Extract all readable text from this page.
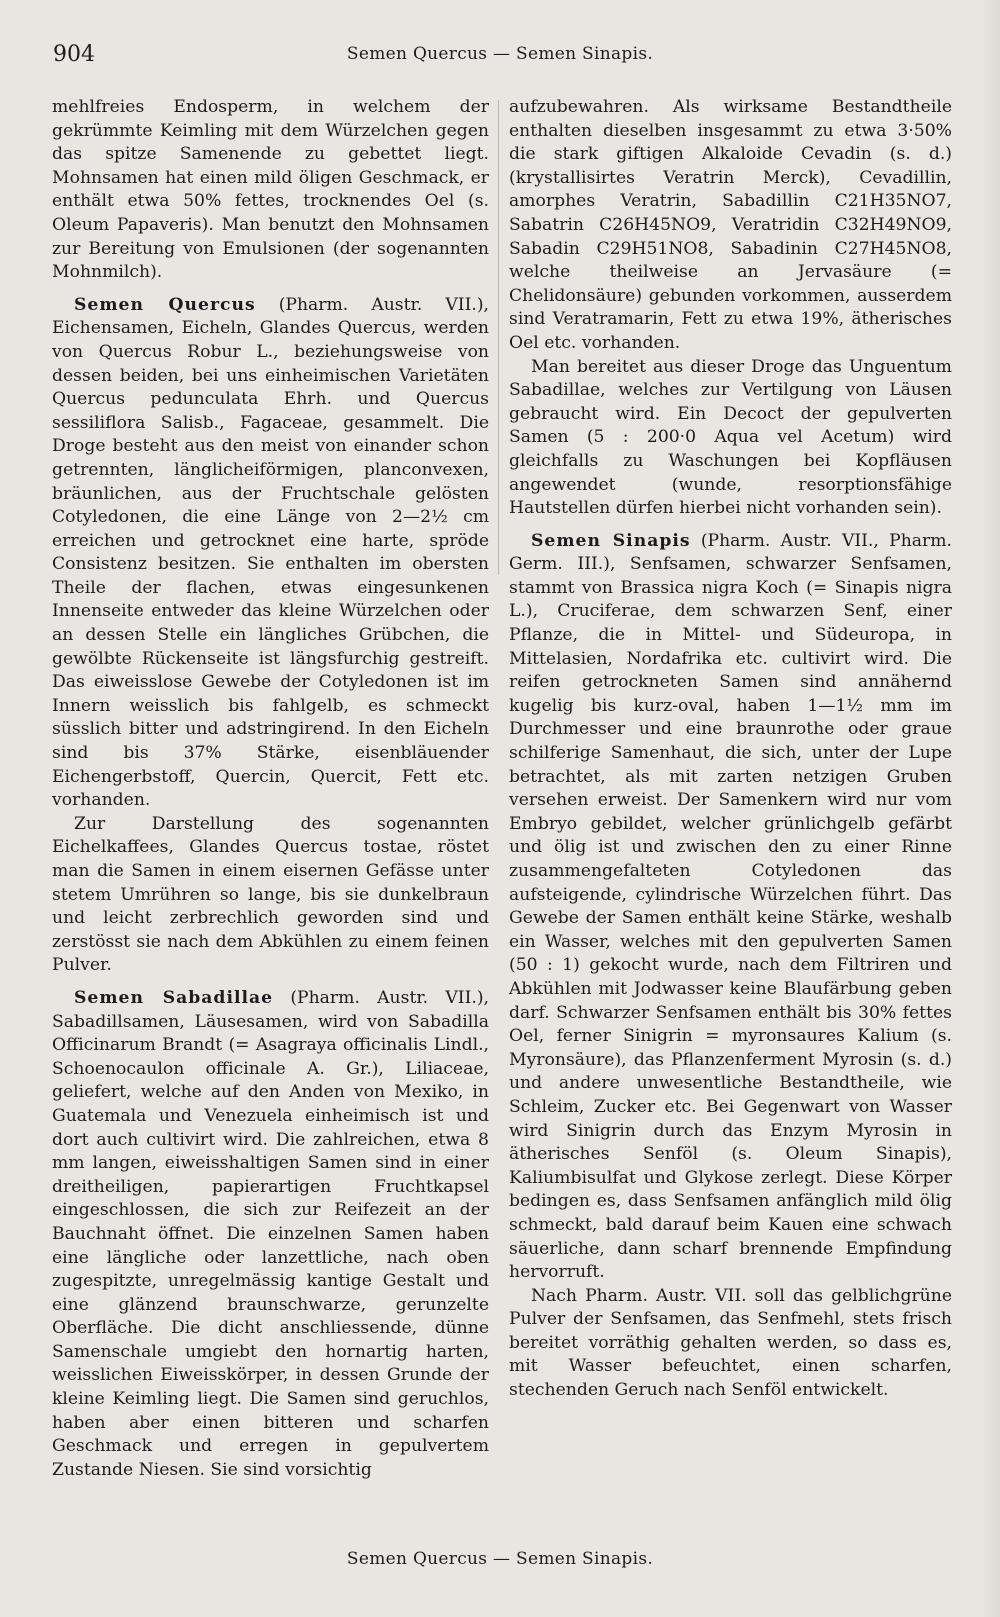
904	Semen Quercus — Semen Sinapis.

mehlfreies Endosperm, in welchem der gekrümmte Keimling mit dem Würzelchen gegen das spitze Samenende zu gebettet liegt. Mohnsamen hat einen mild öligen Geschmack, er enthält etwa 50% fettes, trocknendes Oel (s. Oleum Papaveris). Man benutzt den Mohnsamen zur Bereitung von Emulsionen (der sogenannten Mohnmilch).

Semen Quercus (Pharm. Austr. VII.), Eichensamen, Eicheln, Glandes Quercus, werden von Quercus Robur L., beziehungsweise von dessen beiden, bei uns einheimischen Varietäten Quercus pedunculata Ehrh. und Quercus sessiliflora Salisb., Fagaceae, gesammelt. Die Droge besteht aus den meist von einander schon getrennten, länglicheiförmigen, planconvexen, bräunlichen, aus der Fruchtschale gelösten Cotyledonen, die eine Länge von 2—2½ cm erreichen und getrocknet eine harte, spröde Consistenz besitzen. Sie enthalten im obersten Theile der flachen, etwas eingesunkenen Innenseite entweder das kleine Würzelchen oder an dessen Stelle ein längliches Grübchen, die gewölbte Rückenseite ist längsfurchig gestreift. Das eiweisslose Gewebe der Cotyledonen ist im Innern weisslich bis fahlgelb, es schmeckt süsslich bitter und adstringirend. In den Eicheln sind bis 37% Stärke, eisenbläuender Eichengerbstoff, Quercin, Quercit, Fett etc. vorhanden.

Zur Darstellung des sogenannten Eichelkaffees, Glandes Quercus tostae, röstet man die Samen in einem eisernen Gefässe unter stetem Umrühren so lange, bis sie dunkelbraun und leicht zerbrechlich geworden sind und zerstösst sie nach dem Abkühlen zu einem feinen Pulver.

Semen Sabadillae (Pharm. Austr. VII.), Sabadillsamen, Läusesamen, wird von Sabadilla Officinarum Brandt (= Asagraya officinalis Lindl., Schoenocaulon officinale A. Gr.), Liliaceae, geliefert, welche auf den Anden von Mexiko, in Guatemala und Venezuela einheimisch ist und dort auch cultivirt wird. Die zahlreichen, etwa 8 mm langen, eiweisshaltigen Samen sind in einer dreitheiligen, papierartigen Fruchtkapsel eingeschlossen, die sich zur Reifezeit an der Bauchnaht öffnet. Die einzelnen Samen haben eine längliche oder lanzettliche, nach oben zugespitzte, unregelmässig kantige Gestalt und eine glänzend braunschwarze, gerunzelte Oberfläche. Die dicht anschliessende, dünne Samenschale umgiebt den hornartig harten, weisslichen Eiweisskörper, in dessen Grunde der kleine Keimling liegt. Die Samen sind geruchlos, haben aber einen bitteren und scharfen Geschmack und erregen in gepulvertem Zustande Niesen. Sie sind vorsichtig

aufzubewahren. Als wirksame Bestandtheile enthalten dieselben insgesammt zu etwa 3·50% die stark giftigen Alkaloide Cevadin (s. d.) (krystallisirtes Veratrin Merck), Cevadillin, amorphes Veratrin, Sabadillin C21H35NO7, Sabatrin C26H45NO9, Veratridin C32H49NO9, Sabadin C29H51NO8, Sabadinin C27H45NO8, welche theilweise an Jervasäure (= Chelidonsäure) gebunden vorkommen, ausserdem sind Veratramarin, Fett zu etwa 19%, ätherisches Oel etc. vorhanden.

Man bereitet aus dieser Droge das Unguentum Sabadillae, welches zur Vertilgung von Läusen gebraucht wird. Ein Decoct der gepulverten Samen (5 : 200·0 Aqua vel Acetum) wird gleichfalls zu Waschungen bei Kopfläusen angewendet (wunde, resorptionsfähige Hautstellen dürfen hierbei nicht vorhanden sein).

Semen Sinapis (Pharm. Austr. VII., Pharm. Germ. III.), Senfsamen, schwarzer Senfsamen, stammt von Brassica nigra Koch (= Sinapis nigra L.), Cruciferae, dem schwarzen Senf, einer Pflanze, die in Mittel- und Südeuropa, in Mittelasien, Nordafrika etc. cultivirt wird. Die reifen getrockneten Samen sind annähernd kugelig bis kurz-oval, haben 1—1½ mm im Durchmesser und eine braunrothe oder graue schilferige Samenhaut, die sich, unter der Lupe betrachtet, als mit zarten netzigen Gruben versehen erweist. Der Samenkern wird nur vom Embryo gebildet, welcher grünlichgelb gefärbt und ölig ist und zwischen den zu einer Rinne zusammengefalteten Cotyledonen das aufsteigende, cylindrische Würzelchen führt. Das Gewebe der Samen enthält keine Stärke, weshalb ein Wasser, welches mit den gepulverten Samen (50 : 1) gekocht wurde, nach dem Filtriren und Abkühlen mit Jodwasser keine Blaufärbung geben darf. Schwarzer Senfsamen enthält bis 30% fettes Oel, ferner Sinigrin = myronsaures Kalium (s. Myronsäure), das Pflanzenferment Myrosin (s. d.) und andere unwesentliche Bestandtheile, wie Schleim, Zucker etc. Bei Gegenwart von Wasser wird Sinigrin durch das Enzym Myrosin in ätherisches Senföl (s. Oleum Sinapis), Kaliumbisulfat und Glykose zerlegt. Diese Körper bedingen es, dass Senfsamen anfänglich mild ölig schmeckt, bald darauf beim Kauen eine schwach säuerliche, dann scharf brennende Empfindung hervorruft.

Nach Pharm. Austr. VII. soll das gelblichgrüne Pulver der Senfsamen, das Senfmehl, stets frisch bereitet vorräthig gehalten werden, so dass es, mit Wasser befeuchtet, einen scharfen, stechenden Geruch nach Senföl entwickelt.

Semen Quercus — Semen Sinapis.
